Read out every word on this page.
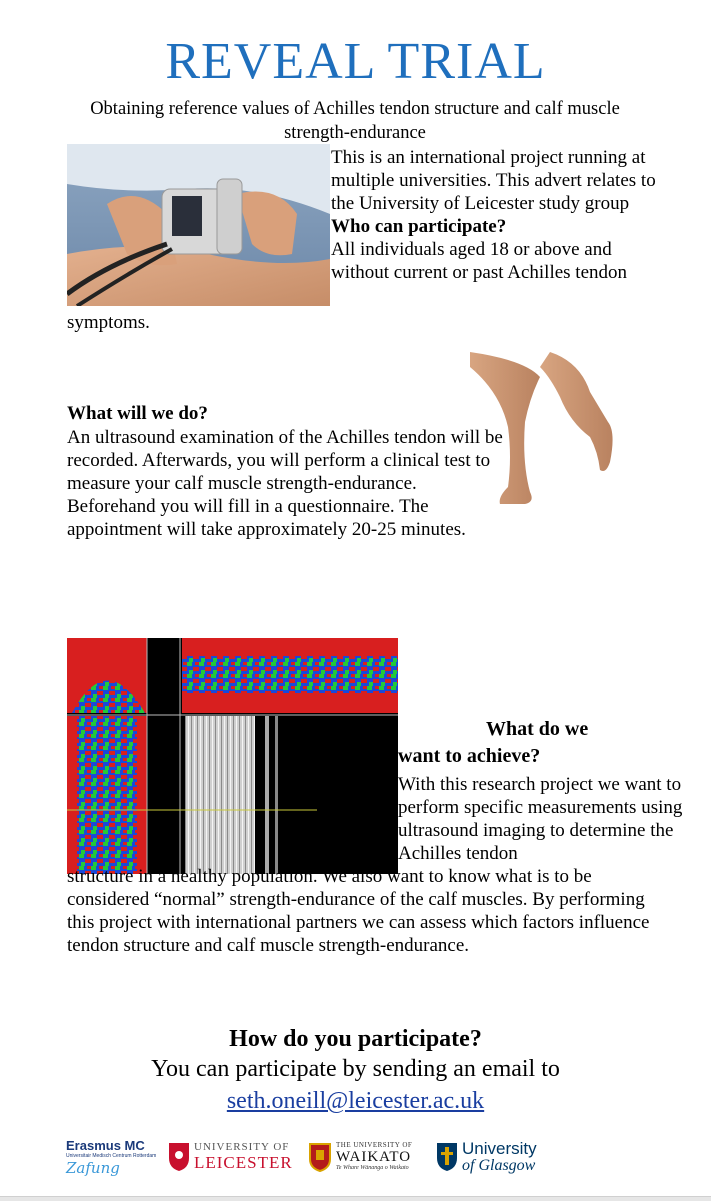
REVEAL TRIAL
Obtaining reference values of Achilles tendon structure and calf muscle strength-endurance
This is an international project running at multiple universities. This advert relates to the University of Leicester study group
Who can participate?
All individuals aged 18 or above and without current or past Achilles tendon
symptoms.
What will we do?
An ultrasound examination of the Achilles tendon will be recorded. Afterwards, you will perform a clinical test to measure your calf muscle strength-endurance. Beforehand you will fill in a questionnaire. The appointment will take approximately 20-25 minutes.
What do we
want to achieve?
With this research project we want to perform specific measurements using ultrasound imaging to determine the Achilles tendon
structure in a healthy population. We also want to know what is to be considered “normal” strength-endurance of the calf muscles. By performing this project with international partners we can assess which factors influence tendon structure and calf muscle strength-endurance.
How do you participate?
You can participate by sending an email to
seth.oneill@leicester.ac.uk
Erasmus MC
Universitair Medisch Centrum Rotterdam
Zafung
UNIVERSITY OF
LEICESTER
THE UNIVERSITY OF
WAIKATO
Te Whare Wānanga o Waikato
University
of Glasgow
